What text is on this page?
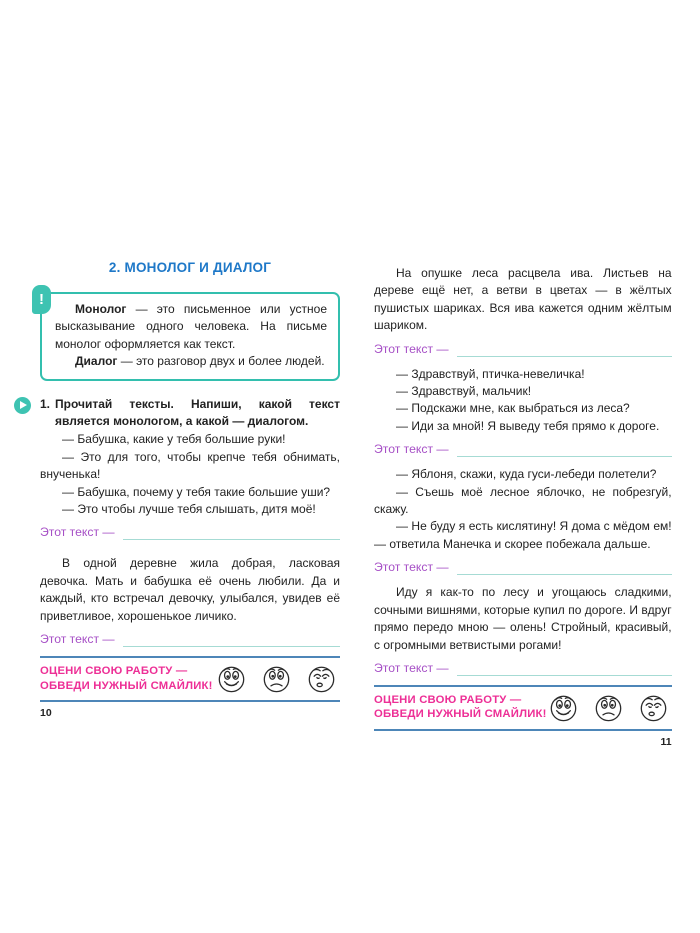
2. МОНОЛОГ И ДИАЛОГ
!

Монолог — это письменное или устное высказывание одного человека. На письме монолог оформляется как текст.

Диалог — это разговор двух и более людей.

1. Прочитай тексты. Напиши, какой текст является монологом, а какой — диалогом.

— Бабушка, какие у тебя большие руки!

— Это для того, чтобы крепче тебя обнимать, внученька!

— Бабушка, почему у тебя такие большие уши?

— Это чтобы лучше тебя слышать, дитя моё!

Этот текст —

В одной деревне жила добрая, ласковая девочка. Мать и бабушка её очень любили. Да и каждый, кто встречал девочку, улыбался, увидев её приветливое, хорошенькое личико.

Этот текст —
ОЦЕНИ СВОЮ РАБОТУ —
ОБВЕДИ НУЖНЫЙ СМАЙЛИК!
10

На опушке леса расцвела ива. Листьев на дереве ещё нет, а ветви в цветах — в жёлтых пушистых шариках. Вся ива кажется одним жёлтым шариком.

Этот текст —

— Здравствуй, птичка-невеличка!

— Здравствуй, мальчик!

— Подскажи мне, как выбраться из леса?

— Иди за мной! Я выведу тебя прямо к дороге.

Этот текст —

— Яблоня, скажи, куда гуси-лебеди полетели?

— Съешь моё лесное яблочко, не побрезгуй, скажу.

— Не буду я есть кислятину! Я дома с мёдом ем! — ответила Манечка и скорее побежала дальше.

Этот текст —

Иду я как-то по лесу и угощаюсь сладкими, сочными вишнями, которые купил по дороге. И вдруг прямо передо мною — олень! Стройный, красивый, с огромными ветвистыми рогами!

Этот текст —
ОЦЕНИ СВОЮ РАБОТУ —
ОБВЕДИ НУЖНЫЙ СМАЙЛИК!
11
